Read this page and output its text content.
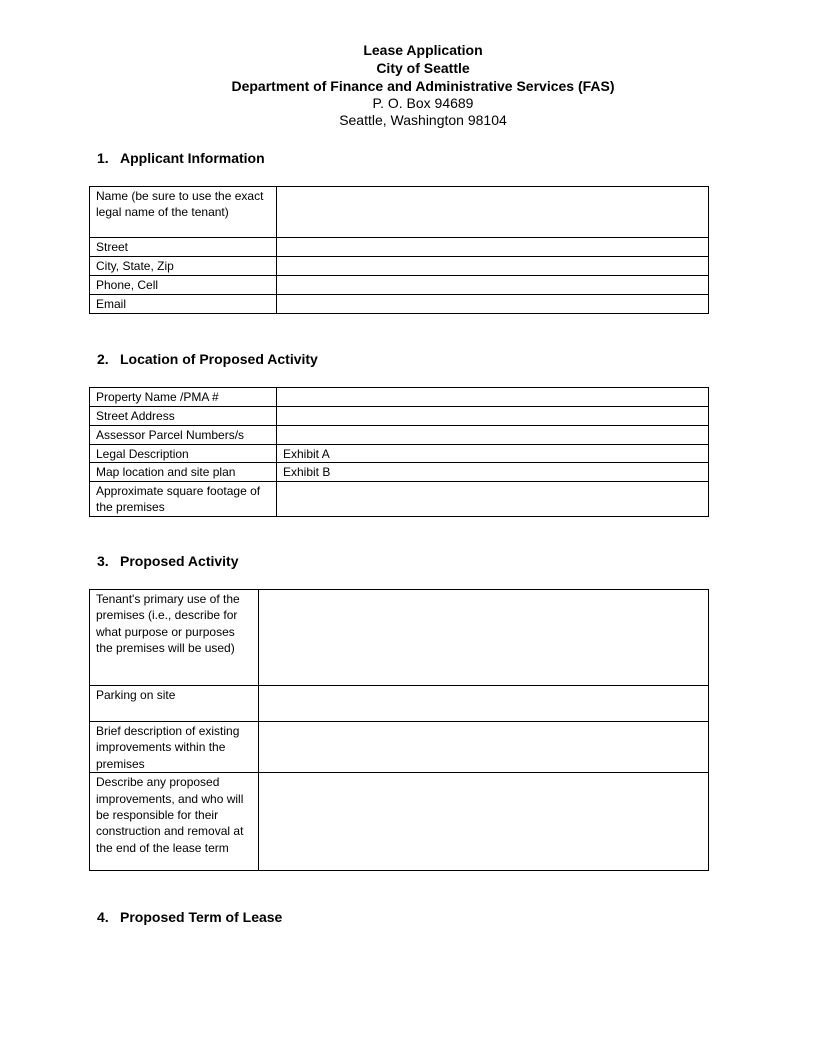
Lease Application
City of Seattle
Department of Finance and Administrative Services (FAS)
P. O. Box 94689
Seattle, Washington 98104
1. Applicant Information
Name (be sure to use the exact legal name of the tenant)	
Street	
City, State, Zip	
Phone, Cell	
Email	
2. Location of Proposed Activity
Property Name /PMA #	
Street Address	
Assessor Parcel Numbers/s	
Legal Description	Exhibit A
Map location and site plan	Exhibit B
Approximate square footage of the premises	
3. Proposed Activity
Tenant's primary use of the premises (i.e., describe for what purpose or purposes the premises will be used)	
Parking on site	
Brief description of existing improvements within the premises	
Describe any proposed improvements, and who will be responsible for their construction and removal at the end of the lease term	
4. Proposed Term of Lease
